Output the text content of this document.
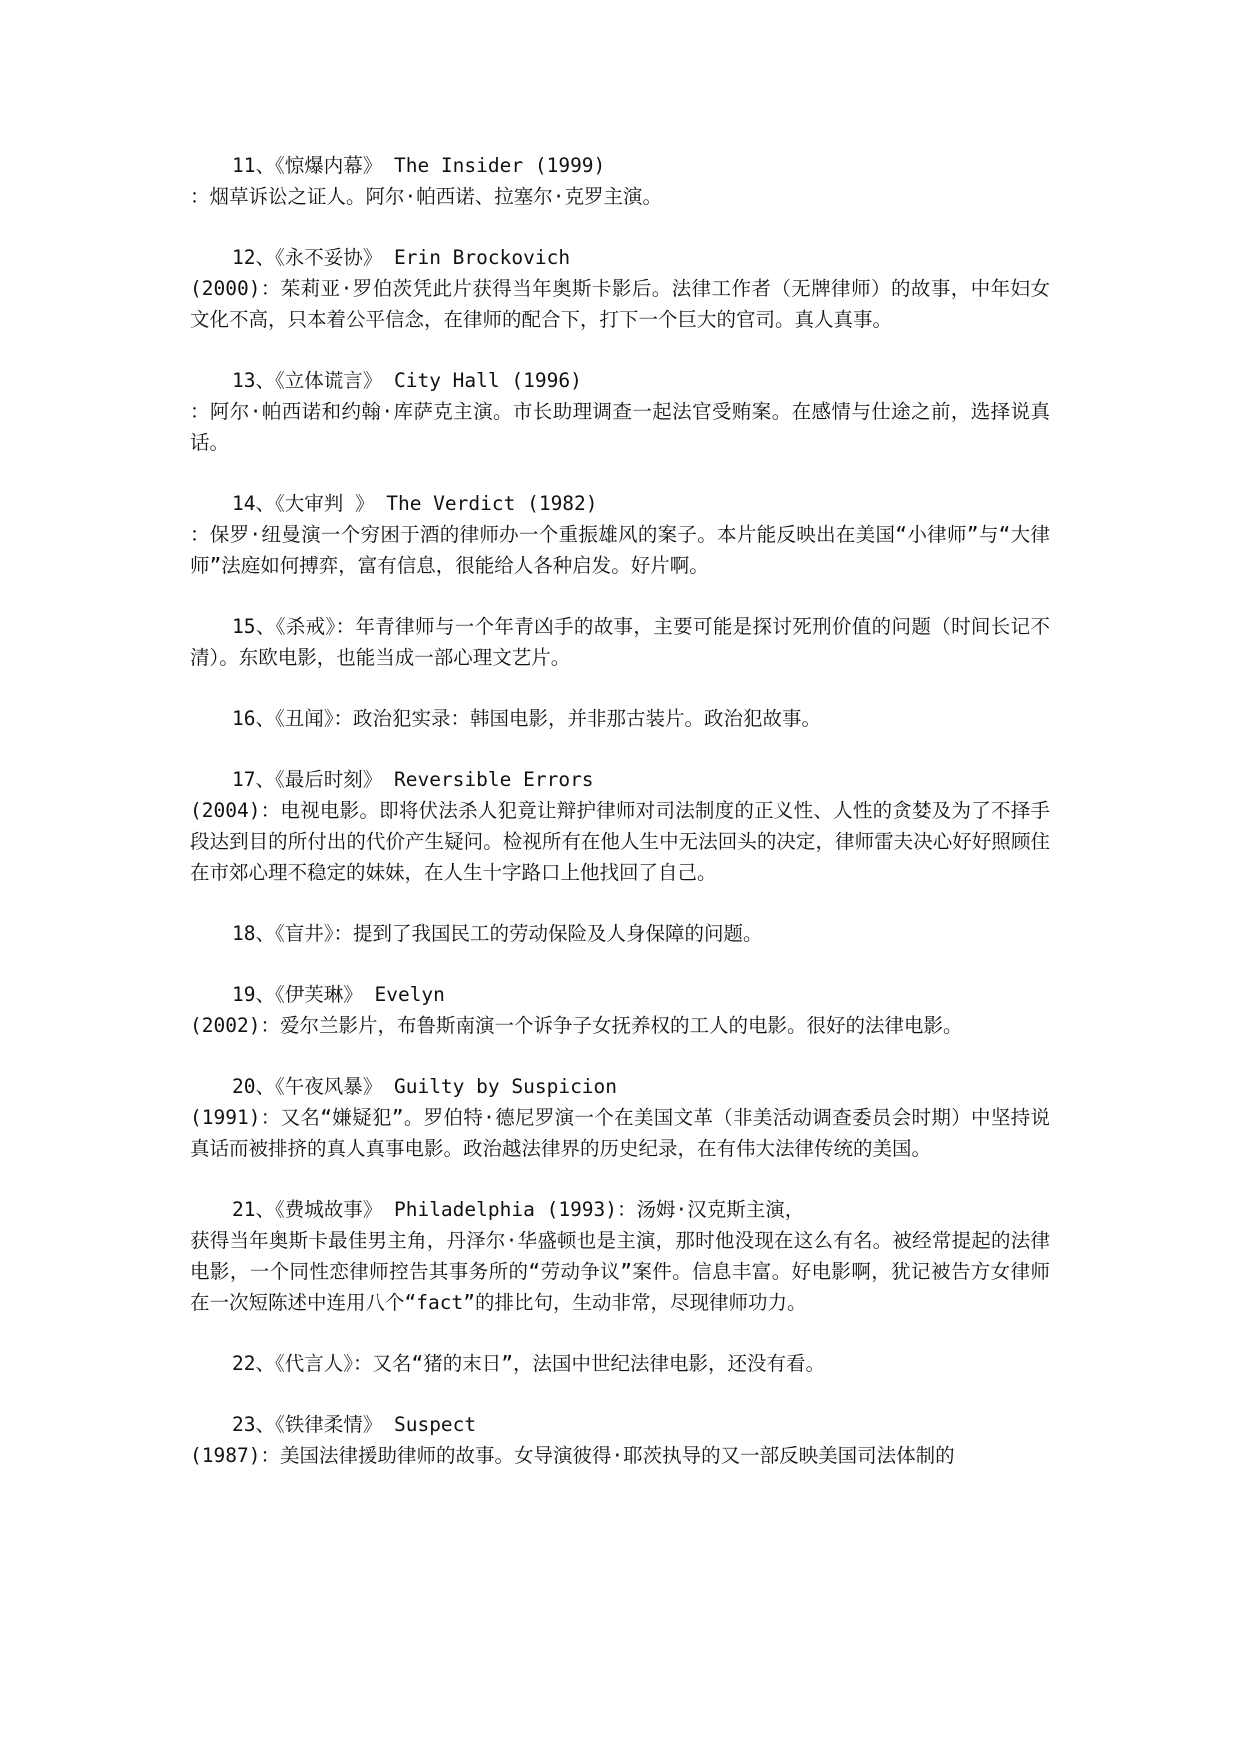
11、《惊爆内幕》 The Insider (1999)

：烟草诉讼之证人。阿尔·帕西诺、拉塞尔·克罗主演。

12、《永不妥协》 Erin Brockovich

(2000)：茱莉亚·罗伯茨凭此片获得当年奥斯卡影后。法律工作者（无牌律师）的故事，中年妇女文化不高，只本着公平信念，在律师的配合下，打下一个巨大的官司。真人真事。

13、《立体谎言》 City Hall (1996)

：阿尔·帕西诺和约翰·库萨克主演。市长助理调查一起法官受贿案。在感情与仕途之前，选择说真话。

14、《大审判 》 The Verdict (1982)

：保罗·纽曼演一个穷困于酒的律师办一个重振雄风的案子。本片能反映出在美国“小律师”与“大律师”法庭如何搏弈，富有信息，很能给人各种启发。好片啊。

15、《杀戒》：年青律师与一个年青凶手的故事，主要可能是探讨死刑价值的问题（时间长记不清）。东欧电影，也能当成一部心理文艺片。

16、《丑闻》：政治犯实录：韩国电影，并非那古装片。政治犯故事。

17、《最后时刻》 Reversible Errors

(2004)：电视电影。即将伏法杀人犯竟让辩护律师对司法制度的正义性、人性的贪婪及为了不择手段达到目的所付出的代价产生疑问。检视所有在他人生中无法回头的决定，律师雷夫决心好好照顾住在市郊心理不稳定的妹妹，在人生十字路口上他找回了自己。

18、《盲井》：提到了我国民工的劳动保险及人身保障的问题。

19、《伊芙琳》 Evelyn

(2002)：爱尔兰影片，布鲁斯南演一个诉争子女抚养权的工人的电影。很好的法律电影。

20、《午夜风暴》 Guilty by Suspicion

(1991)：又名“嫌疑犯”。罗伯特·德尼罗演一个在美国文革（非美活动调查委员会时期）中坚持说真话而被排挤的真人真事电影。政治越法律界的历史纪录，在有伟大法律传统的美国。

21、《费城故事》 Philadelphia (1993)：汤姆·汉克斯主演，

获得当年奥斯卡最佳男主角，丹泽尔·华盛顿也是主演，那时他没现在这么有名。被经常提起的法律电影，一个同性恋律师控告其事务所的“劳动争议”案件。信息丰富。好电影啊，犹记被告方女律师在一次短陈述中连用八个“fact”的排比句，生动非常，尽现律师功力。

22、《代言人》：又名“猪的末日”，法国中世纪法律电影，还没有看。

23、《铁律柔情》 Suspect

(1987)：美国法律援助律师的故事。女导演彼得·耶茨执导的又一部反映美国司法体制的
